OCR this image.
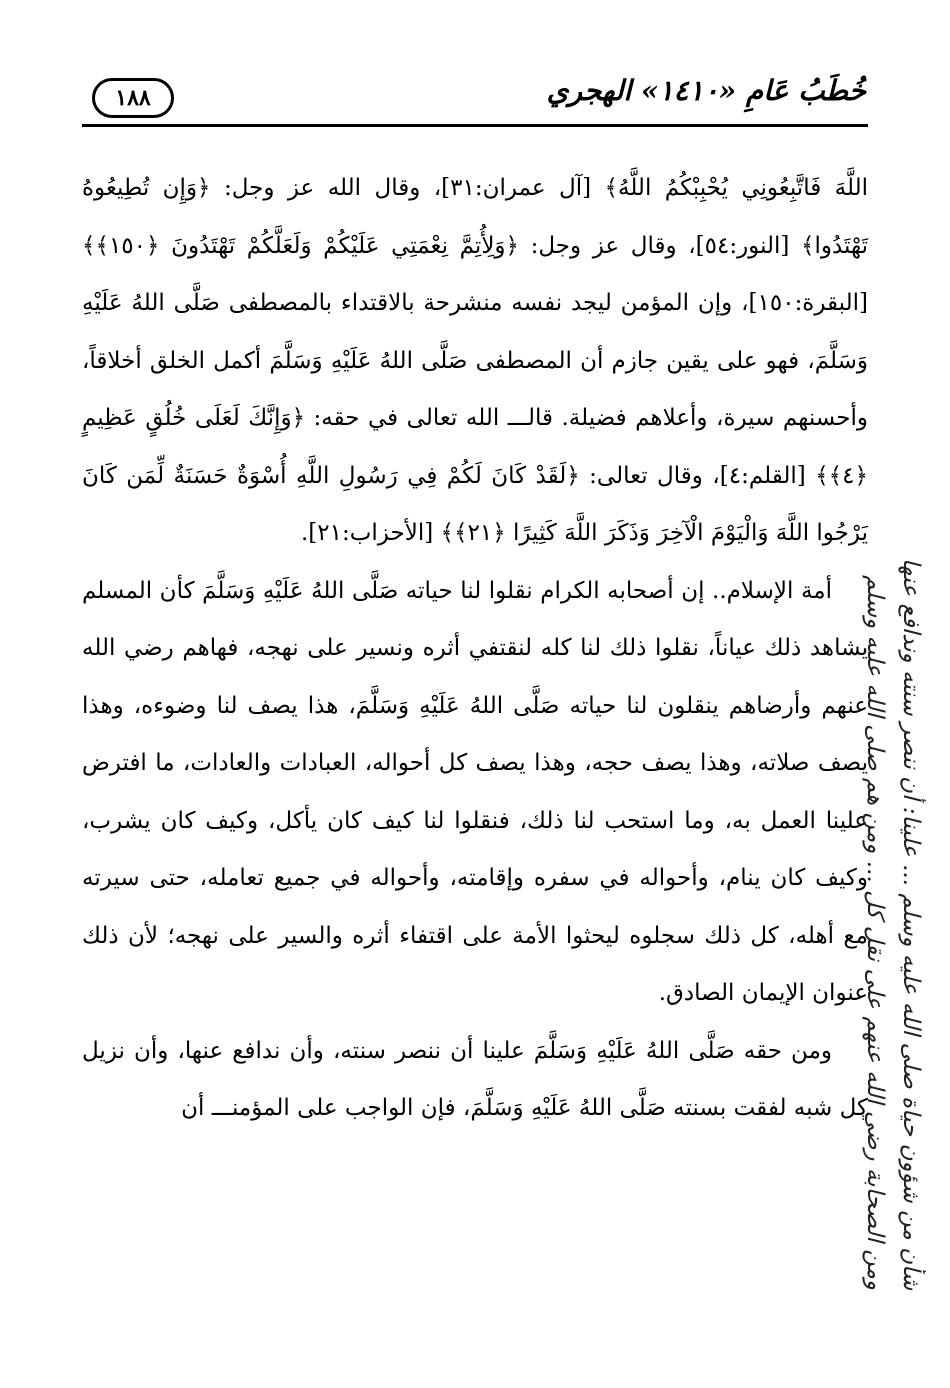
١٨٨	خُطَبُ عَامِ «١٤١٠» الهجري

اللَّهَ فَاتَّبِعُونِي يُحْبِبْكُمُ اللَّهُ﴾ [آل عمران:٣١]، وقال الله عز وجل: ﴿وَإِن تُطِيعُوهُ تَهْتَدُوا﴾ [النور:٥٤]، وقال عز وجل: ﴿وَلِأُتِمَّ نِعْمَتِي عَلَيْكُمْ وَلَعَلَّكُمْ تَهْتَدُونَ ﴿١٥٠﴾﴾ [البقرة:١٥٠]، وإن المؤمن ليجد نفسه منشرحة بالاقتداء بالمصطفى صَلَّى اللهُ عَلَيْهِ وَسَلَّمَ، فهو على يقين جازم أن المصطفى صَلَّى اللهُ عَلَيْهِ وَسَلَّمَ أكمل الخلق أخلاقاً، وأحسنهم سيرة، وأعلاهم فضيلة. قالـــ الله تعالى في حقه: ﴿وَإِنَّكَ لَعَلَى خُلُقٍ عَظِيمٍ ﴿٤﴾﴾ [القلم:٤]، وقال تعالى: ﴿لَقَدْ كَانَ لَكُمْ فِي رَسُولِ اللَّهِ أُسْوَةٌ حَسَنَةٌ لِّمَن كَانَ يَرْجُوا اللَّهَ وَالْيَوْمَ الْآخِرَ وَذَكَرَ اللَّهَ كَثِيرًا ﴿٢١﴾﴾ [الأحزاب:٢١].

أمة الإسلام.. إن أصحابه الكرام نقلوا لنا حياته صَلَّى اللهُ عَلَيْهِ وَسَلَّمَ كأن المسلم يشاهد ذلك عياناً، نقلوا ذلك لنا كله لنقتفي أثره ونسير على نهجه، فهاهم رضي الله عنهم وأرضاهم ينقلون لنا حياته صَلَّى اللهُ عَلَيْهِ وَسَلَّمَ، هذا يصف لنا وضوءه، وهذا يصف صلاته، وهذا يصف حجه، وهذا يصف كل أحواله، العبادات والعادات، ما افترض علينا العمل به، وما استحب لنا ذلك، فنقلوا لنا كيف كان يأكل، وكيف كان يشرب، وكيف كان ينام، وأحواله في سفره وإقامته، وأحواله في جميع تعامله، حتى سيرته مع أهله، كل ذلك سجلوه ليحثوا الأمة على اقتفاء أثره والسير على نهجه؛ لأن ذلك عنوان الإيمان الصادق.

ومن حقه صَلَّى اللهُ عَلَيْهِ وَسَلَّمَ علينا أن ننصر سنته، وأن ندافع عنها، وأن نزيل كل شبه لفقت بسنته صَلَّى اللهُ عَلَيْهِ وَسَلَّمَ، فإن الواجب على المؤمنـــ أن

ومن الصحابة رضي الله عنهم على نقل كل ... ومن هم صلى الله عليه وسلم شأن من شؤون حياة صلى الله عليه وسلم ... علينا: أن ننصر سنته وندافع عنها
